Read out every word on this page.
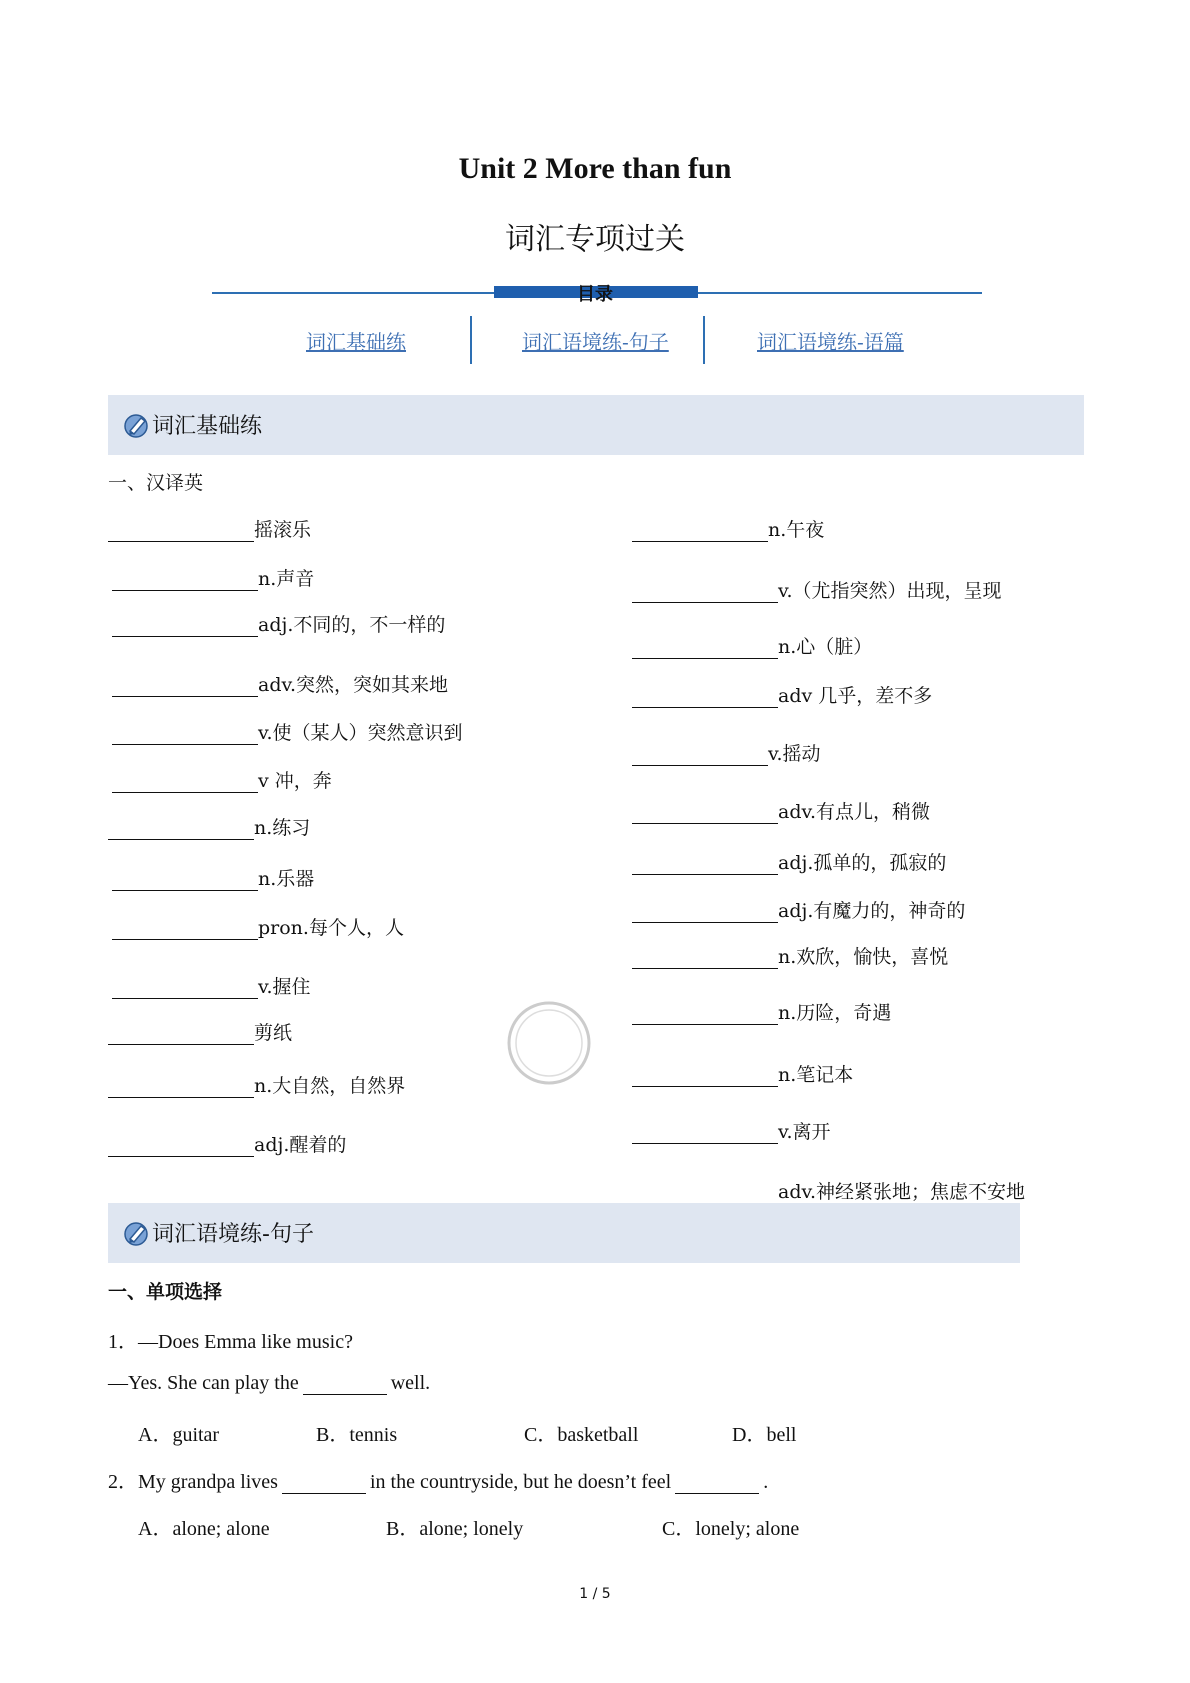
Unit 2 More than fun
词汇专项过关
目录
词汇基础练	词汇语境练-句子	词汇语境练-语篇
词汇基础练
一、汉译英
摇滚乐
n.声音
adj.不同的，不一样的
adv.突然，突如其来地
v.使（某人）突然意识到
v 冲，奔
n.练习
n.乐器
pron.每个人，人
v.握住
剪纸
n.大自然，自然界
adj.醒着的
n.午夜
v.（尤指突然）出现，呈现
n.心（脏）
adv 几乎，差不多
v.摇动
adv.有点儿，稍微
adj.孤单的，孤寂的
adj.有魔力的，神奇的
n.欢欣，愉快，喜悦
n.历险，奇遇
n.笔记本
v.离开
adv.神经紧张地；焦虑不安地
词汇语境练-句子
一、单项选择
1．—Does Emma like music?
—Yes. She can play the	well.
A．guitar	B．tennis	C．basketball	D．bell
2．My grandpa lives	in the countryside, but he doesn’t feel	.
A．alone; alone	B．alone; lonely	C．lonely; alone
1 / 5
